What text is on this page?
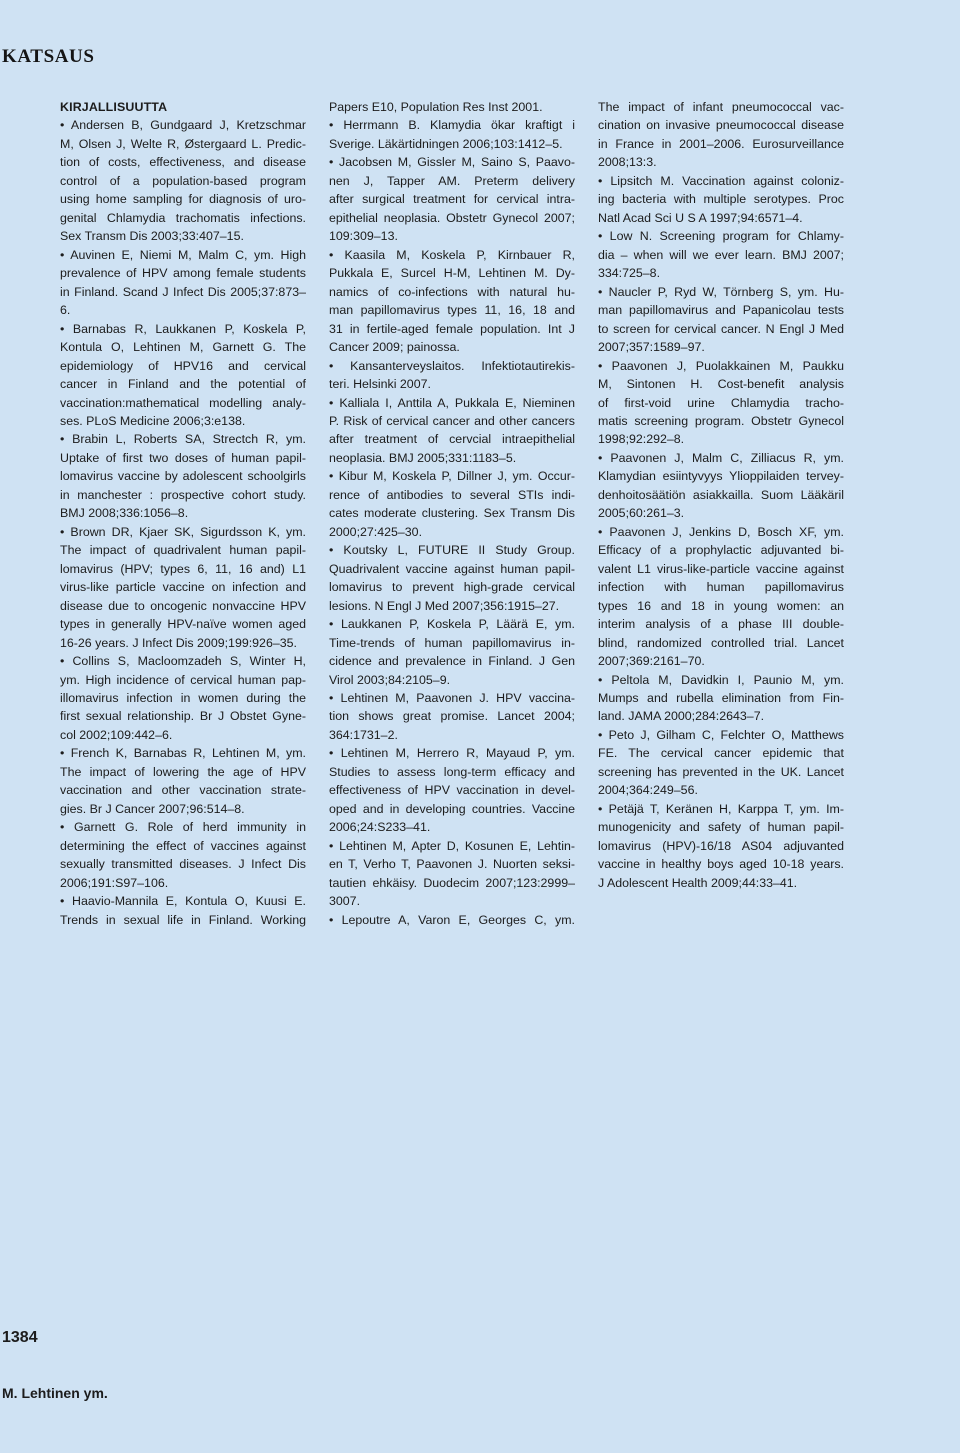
KATSAUS
KIRJALLISUUTTA
• Andersen B, Gundgaard J, Kretzschmar
M, Olsen J, Welte R, Østergaard L. Predic-
tion of costs, effectiveness, and disease
control of a population-based program
using home sampling for diagnosis of uro-
genital Chlamydia trachomatis infections.
Sex Transm Dis 2003;33:407–15.
• Auvinen E, Niemi M, Malm C, ym. High
prevalence of HPV among female students
in Finland. Scand J Infect Dis 2005;37:873–
6.
• Barnabas R, Laukkanen P, Koskela P,
Kontula O, Lehtinen M, Garnett G. The
epidemiology of HPV16 and cervical
cancer in Finland and the potential of
vaccination:mathematical modelling analy-
ses. PLoS Medicine 2006;3:e138.
• Brabin L, Roberts SA, Strectch R, ym.
Uptake of first two doses of human papil-
lomavirus vaccine by adolescent schoolgirls
in manchester : prospective cohort study.
BMJ 2008;336:1056–8.
• Brown DR, Kjaer SK, Sigurdsson K, ym.
The impact of quadrivalent human papil-
lomavirus (HPV; types 6, 11, 16 and) L1
virus-like particle vaccine on infection and
disease due to oncogenic nonvaccine HPV
types in generally HPV-naïve women aged
16-26 years. J Infect Dis 2009;199:926–35.
• Collins S, Macloomzadeh S, Winter H,
ym. High incidence of cervical human pap-
illomavirus infection in women during the
first sexual relationship. Br J Obstet Gyne-
col 2002;109:442–6.
• French K, Barnabas R, Lehtinen M, ym.
The impact of lowering the age of HPV
vaccination and other vaccination strate-
gies. Br J Cancer 2007;96:514–8.
• Garnett G. Role of herd immunity in
determining the effect of vaccines against
sexually transmitted diseases. J Infect Dis
2006;191:S97–106.
• Haavio-Mannila E, Kontula O, Kuusi E.
Trends in sexual life in Finland. Working
Papers E10, Population Res Inst 2001.
• Herrmann B. Klamydia ökar kraftigt i
Sverige. Läkärtidningen 2006;103:1412–5.
• Jacobsen M, Gissler M, Saino S, Paavo-
nen J, Tapper AM. Preterm delivery
after surgical treatment for cervical intra-
epithelial neoplasia. Obstetr Gynecol 2007;
109:309–13.
• Kaasila M, Koskela P, Kirnbauer R,
Pukkala E, Surcel H-M, Lehtinen M. Dy-
namics of co-infections with natural hu-
man papillomavirus types 11, 16, 18 and
31 in fertile-aged female population. Int J
Cancer 2009; painossa.
• Kansanterveyslaitos. Infektiotautirekis-
teri. Helsinki 2007.
• Kalliala I, Anttila A, Pukkala E, Nieminen
P. Risk of cervical cancer and other cancers
after treatment of cervcial intraepithelial
neoplasia. BMJ 2005;331:1183–5.
• Kibur M, Koskela P, Dillner J, ym. Occur-
rence of antibodies to several STIs indi-
cates moderate clustering. Sex Transm Dis
2000;27:425–30.
• Koutsky L, FUTURE II Study Group.
Quadrivalent vaccine against human papil-
lomavirus to prevent high-grade cervical
lesions. N Engl J Med 2007;356:1915–27.
• Laukkanen P, Koskela P, Läärä E, ym.
Time-trends of human papillomavirus in-
cidence and prevalence in Finland. J Gen
Virol 2003;84:2105–9.
• Lehtinen M, Paavonen J. HPV vaccina-
tion shows great promise. Lancet 2004;
364:1731–2.
• Lehtinen M, Herrero R, Mayaud P, ym.
Studies to assess long-term efficacy and
effectiveness of HPV vaccination in devel-
oped and in developing countries. Vaccine
2006;24:S233–41.
• Lehtinen M, Apter D, Kosunen E, Lehtin-
en T, Verho T, Paavonen J. Nuorten seksi-
tautien ehkäisy. Duodecim 2007;123:2999–
3007.
• Lepoutre A, Varon E, Georges C, ym.
The impact of infant pneumococcal vac-
cination on invasive pneumococcal disease
in France in 2001–2006. Eurosurveillance
2008;13:3.
• Lipsitch M. Vaccination against coloniz-
ing bacteria with multiple serotypes. Proc
Natl Acad Sci U S A 1997;94:6571–4.
• Low N. Screening program for Chlamy-
dia – when will we ever learn. BMJ 2007;
334:725–8.
• Naucler P, Ryd W, Törnberg S, ym. Hu-
man papillomavirus and Papanicolau tests
to screen for cervical cancer. N Engl J Med
2007;357:1589–97.
• Paavonen J, Puolakkainen M, Paukku
M, Sintonen H. Cost-benefit analysis
of first-void urine Chlamydia tracho-
matis screening program. Obstetr Gynecol
1998;92:292–8.
• Paavonen J, Malm C, Zilliacus R, ym.
Klamydian esiintyvyys Ylioppilaiden tervey-
denhoitosäätiön asiakkailla. Suom Lääkäril
2005;60:261–3.
• Paavonen J, Jenkins D, Bosch XF, ym.
Efficacy of a prophylactic adjuvanted bi-
valent L1 virus-like-particle vaccine against
infection with human papillomavirus
types 16 and 18 in young women: an
interim analysis of a phase III double-
blind, randomized controlled trial. Lancet
2007;369:2161–70.
• Peltola M, Davidkin I, Paunio M, ym.
Mumps and rubella elimination from Fin-
land. JAMA 2000;284:2643–7.
• Peto J, Gilham C, Felchter O, Matthews
FE. The cervical cancer epidemic that
screening has prevented in the UK. Lancet
2004;364:249–56.
• Petäjä T, Keränen H, Karppa T, ym. Im-
munogenicity and safety of human papil-
lomavirus (HPV)-16/18 AS04 adjuvanted
vaccine in healthy boys aged 10-18 years.
J Adolescent Health 2009;44:33–41.
1384
M. Lehtinen ym.
